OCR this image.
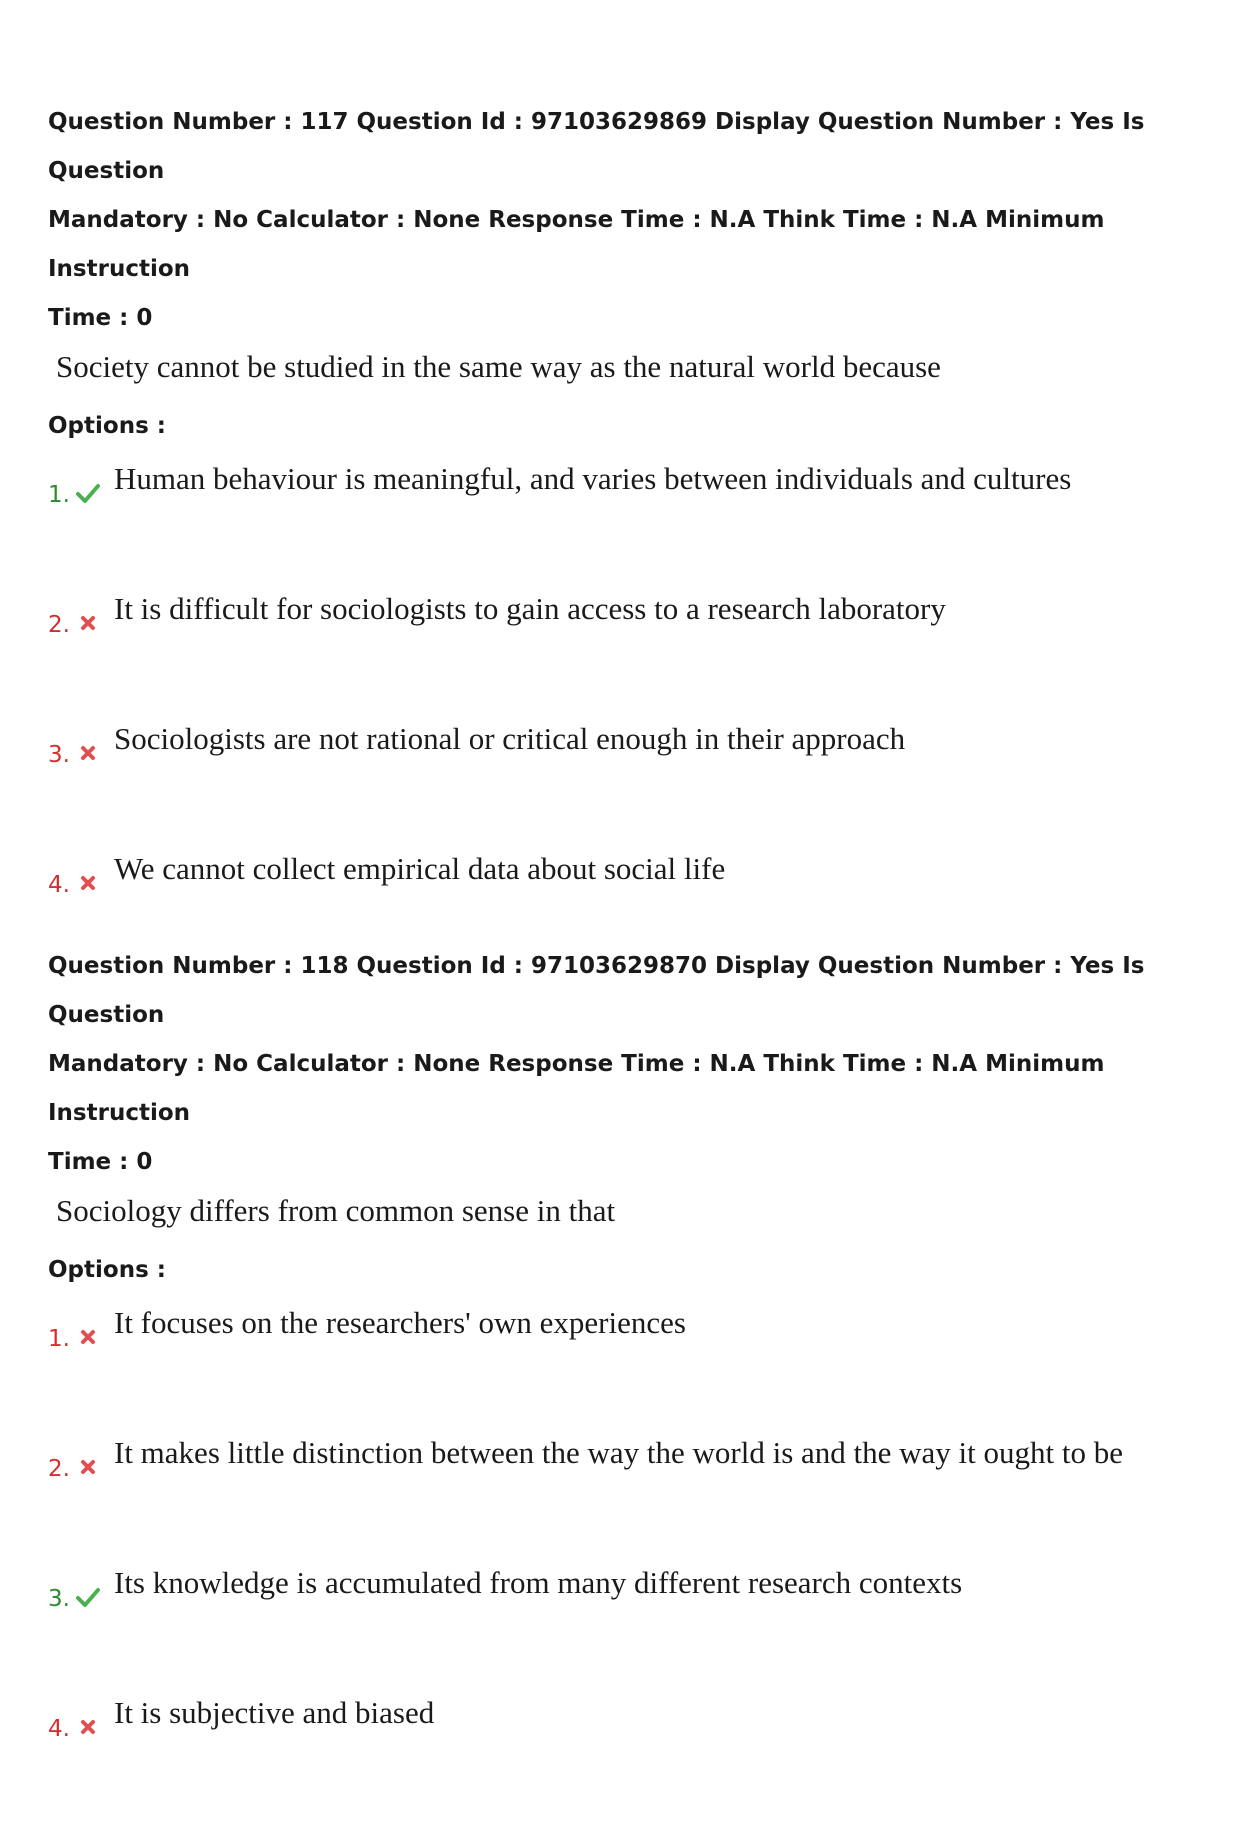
Question Number : 117 Question Id : 97103629869 Display Question Number : Yes Is Question

Mandatory : No Calculator : None Response Time : N.A Think Time : N.A Minimum Instruction

Time : 0

Society cannot be studied in the same way as the natural world because

Options :

1. Human behaviour is meaningful, and varies between individuals and cultures
2. It is difficult for sociologists to gain access to a research laboratory
3. Sociologists are not rational or critical enough in their approach
4. We cannot collect empirical data about social life

Question Number : 118 Question Id : 97103629870 Display Question Number : Yes Is Question

Mandatory : No Calculator : None Response Time : N.A Think Time : N.A Minimum Instruction

Time : 0

Sociology differs from common sense in that

Options :

1. It focuses on the researchers' own experiences
2. It makes little distinction between the way the world is and the way it ought to be
3. Its knowledge is accumulated from many different research contexts
4. It is subjective and biased
